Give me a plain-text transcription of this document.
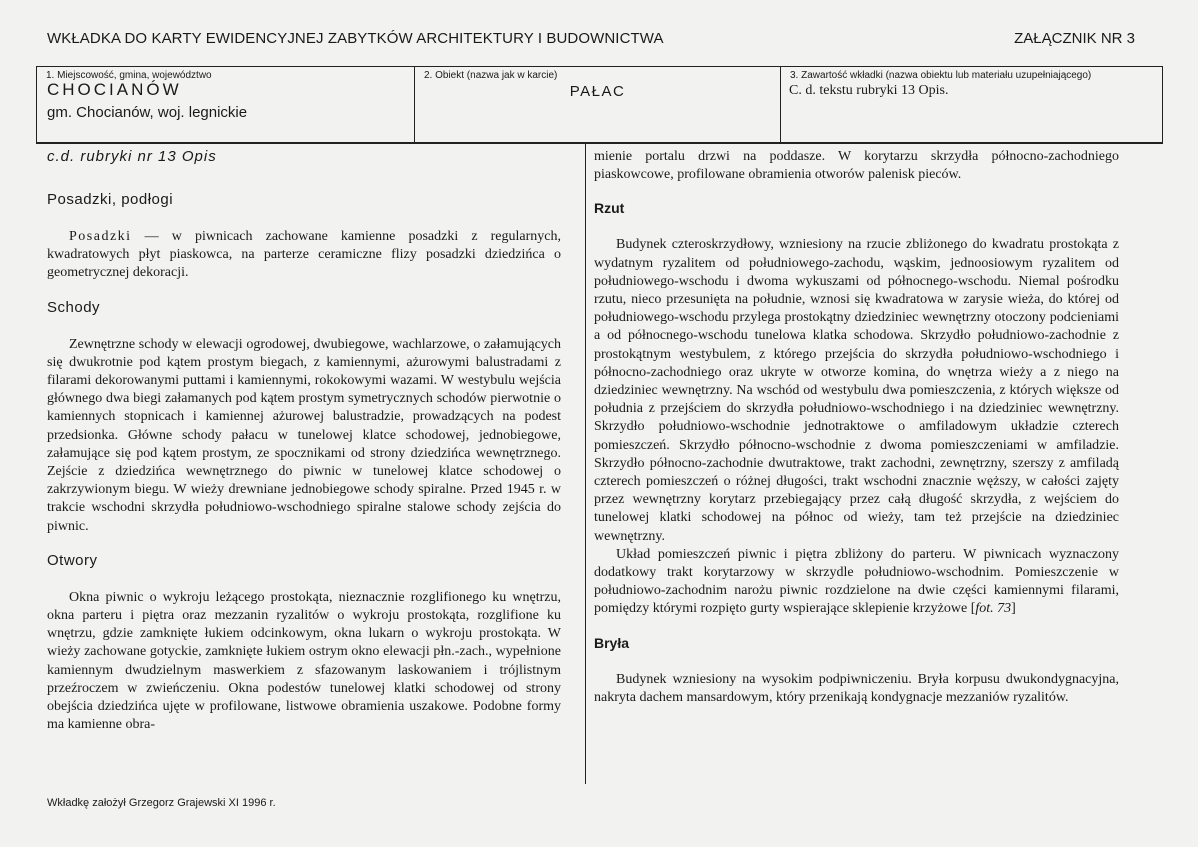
WKŁADKA DO KARTY EWIDENCYJNEJ ZABYTKÓW ARCHITEKTURY I BUDOWNICTWA	ZAŁĄCZNIK NR 3
1. Miejscowość, gmina, województwo
CHOCIANÓW
gm. Chocianów, woj. legnickie
2. Obiekt (nazwa jak w karcie)
PAŁAC
3. Zawartość wkładki (nazwa obiektu lub materiału uzupełniającego)
C. d. tekstu rubryki 13 Opis.
c.d. rubryki nr 13 Opis
Posadzki, podłogi

Posadzki — w piwnicach zachowane kamienne posadzki z regularnych, kwadratowych płyt piaskowca, na parterze ceramiczne flizy posadzki dziedzińca o geometrycznej dekoracji.

Schody

Zewnętrzne schody w elewacji ogrodowej, dwubiegowe, wachlarzowe, o załamujących się dwukrotnie pod kątem prostym biegach, z kamiennymi, ażurowymi balustradami z filarami dekorowanymi puttami i kamiennymi, rokokowymi wazami. W westybulu wejścia głównego dwa biegi załamanych pod kątem prostym symetrycznych schodów pierwotnie o kamiennych stopnicach i kamiennej ażurowej balustradzie, prowadzących na podest przedsionka. Główne schody pałacu w tunelowej klatce schodowej, jednobiegowe, załamujące się pod kątem prostym, ze spocznikami od strony dziedzińca wewnętrznego. Zejście z dziedzińca wewnętrznego do piwnic w tunelowej klatce schodowej o zakrzywionym biegu. W wieży drewniane jednobiegowe schody spiralne. Przed 1945 r. w trakcie wschodni skrzydła południowo-wschodniego spiralne stalowe schody zejścia do piwnic.

Otwory

Okna piwnic o wykroju leżącego prostokąta, nieznacznie rozglifionego ku wnętrzu, okna parteru i piętra oraz mezzanin ryzalitów o wykroju prostokąta, rozglifione ku wnętrzu, gdzie zamknięte łukiem odcinkowym, okna lukarn o wykroju prostokąta. W wieży zachowane gotyckie, zamknięte łukiem ostrym okno elewacji płn.-zach., wypełnione kamiennym dwudzielnym maswerkiem z sfazowanym laskowaniem i trójlistnym przeźroczem w zwieńczeniu. Okna podestów tunelowej klatki schodowej od strony obejścia dziedzińca ujęte w profilowane, listwowe obramienia uszakowe. Podobne formy ma kamienne obra-

mienie portalu drzwi na poddasze. W korytarzu skrzydła północno-zachodniego piaskowcowe, profilowane obramienia otworów palenisk pieców.

Rzut

Budynek czteroskrzydłowy, wzniesiony na rzucie zbliżonego do kwadratu prostokąta z wydatnym ryzalitem od południowego-zachodu, wąskim, jednoosiowym ryzalitem od południowego-wschodu i dwoma wykuszami od północnego-wschodu. Niemal pośrodku rzutu, nieco przesunięta na południe, wznosi się kwadratowa w zarysie wieża, do której od południowego-wschodu przylega prostokątny dziedziniec wewnętrzny otoczony podcieniami a od północnego-wschodu tunelowa klatka schodowa. Skrzydło południowo-zachodnie z prostokątnym westybulem, z którego przejścia do skrzydła południowo-wschodniego i północno-zachodniego oraz ukryte w otworze komina, do wnętrza wieży a z niego na dziedziniec wewnętrzny. Na wschód od westybulu dwa pomieszczenia, z których większe od południa z przejściem do skrzydła południowo-wschodniego i na dziedziniec wewnętrzny. Skrzydło południowo-wschodnie jednotraktowe o amfiladowym układzie czterech pomieszczeń. Skrzydło północno-wschodnie z dwoma pomieszczeniami w amfiladzie. Skrzydło północno-zachodnie dwutraktowe, trakt zachodni, zewnętrzny, szerszy z amfiladą czterech pomieszczeń o różnej długości, trakt wschodni znacznie węższy, w całości zajęty przez wewnętrzny korytarz przebiegający przez całą długość skrzydła, z wejściem do tunelowej klatki schodowej na północ od wieży, tam też przejście na dziedziniec wewnętrzny.

Układ pomieszczeń piwnic i piętra zbliżony do parteru. W piwnicach wyznaczony dodatkowy trakt korytarzowy w skrzydle południowo-wschodnim. Pomieszczenie w południowo-zachodnim narożu piwnic rozdzielone na dwie części kamiennymi filarami, pomiędzy którymi rozpięto gurty wspierające sklepienie krzyżowe [fot. 73]

Bryła

Budynek wzniesiony na wysokim podpiwniczeniu. Bryła korpusu dwukondygnacyjna, nakryta dachem mansardowym, który przenikają kondygnacje mezzaniów ryzalitów.

Wkładkę założył Grzegorz Grajewski XI 1996 r.
